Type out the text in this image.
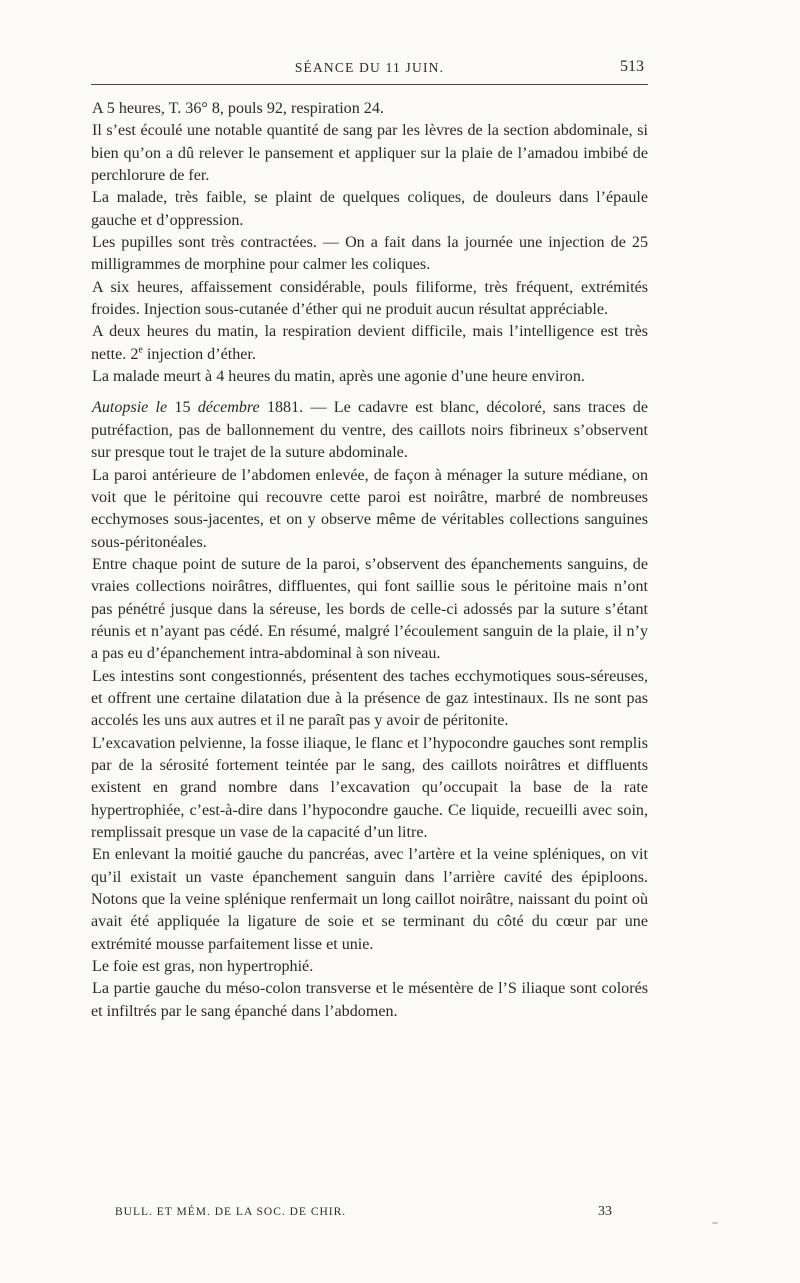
SÉANCE DU 11 JUIN.	513

A 5 heures, T. 36° 8, pouls 92, respiration 24.

Il s’est écoulé une notable quantité de sang par les lèvres de la section abdominale, si bien qu’on a dû relever le pansement et appliquer sur la plaie de l’amadou imbibé de perchlorure de fer.

La malade, très faible, se plaint de quelques coliques, de douleurs dans l’épaule gauche et d’oppression.

Les pupilles sont très contractées. — On a fait dans la journée une injection de 25 milligrammes de morphine pour calmer les coliques.

A six heures, affaissement considérable, pouls filiforme, très fréquent, extrémités froides. Injection sous-cutanée d’éther qui ne produit aucun résultat appréciable.

A deux heures du matin, la respiration devient difficile, mais l’intelligence est très nette. 2e injection d’éther.

La malade meurt à 4 heures du matin, après une agonie d’une heure environ.

Autopsie le 15 décembre 1881. — Le cadavre est blanc, décoloré, sans traces de putréfaction, pas de ballonnement du ventre, des caillots noirs fibrineux s’observent sur presque tout le trajet de la suture abdominale.

La paroi antérieure de l’abdomen enlevée, de façon à ménager la suture médiane, on voit que le péritoine qui recouvre cette paroi est noirâtre, marbré de nombreuses ecchymoses sous-jacentes, et on y observe même de véritables collections sanguines sous-péritonéales.

Entre chaque point de suture de la paroi, s’observent des épanchements sanguins, de vraies collections noirâtres, diffluentes, qui font saillie sous le péritoine mais n’ont pas pénétré jusque dans la séreuse, les bords de celle-ci adossés par la suture s’étant réunis et n’ayant pas cédé. En résumé, malgré l’écoulement sanguin de la plaie, il n’y a pas eu d’épanchement intra-abdominal à son niveau.

Les intestins sont congestionnés, présentent des taches ecchymotiques sous-séreuses, et offrent une certaine dilatation due à la présence de gaz intestinaux. Ils ne sont pas accolés les uns aux autres et il ne paraît pas y avoir de péritonite.

L’excavation pelvienne, la fosse iliaque, le flanc et l’hypocondre gauches sont remplis par de la sérosité fortement teintée par le sang, des caillots noirâtres et diffluents existent en grand nombre dans l’excavation qu’occupait la base de la rate hypertrophiée, c’est-à-dire dans l’hypocondre gauche. Ce liquide, recueilli avec soin, remplissait presque un vase de la capacité d’un litre.

En enlevant la moitié gauche du pancréas, avec l’artère et la veine spléniques, on vit qu’il existait un vaste épanchement sanguin dans l’arrière cavité des épiploons. Notons que la veine splénique renfermait un long caillot noirâtre, naissant du point où avait été appliquée la ligature de soie et se terminant du côté du cœur par une extrémité mousse parfaitement lisse et unie.

Le foie est gras, non hypertrophié.

La partie gauche du méso-colon transverse et le mésentère de l’S iliaque sont colorés et infiltrés par le sang épanché dans l’abdomen.

BULL. ET MÉM. DE LA SOC. DE CHIR.	33
